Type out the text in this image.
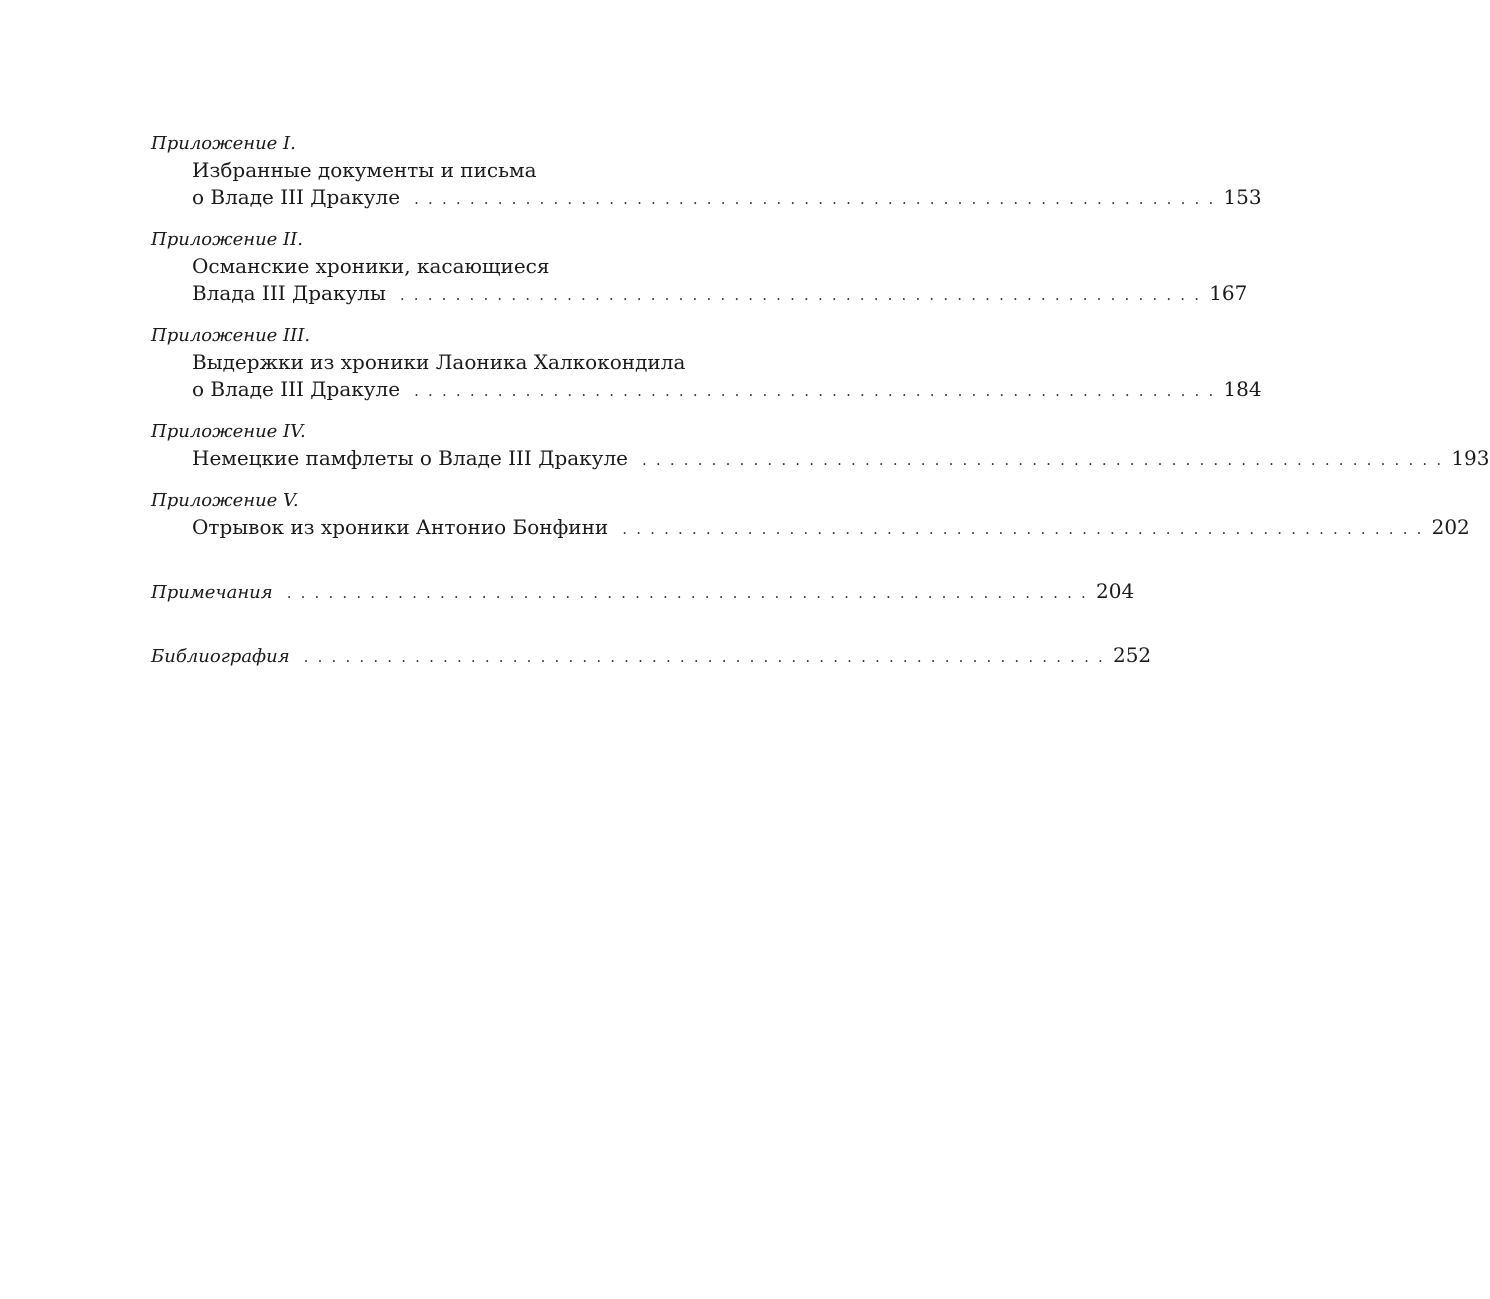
Приложение I.
Избранные документы и письма
о Владе III Дракуле . . . . . . . . . . . . . . . . . . . . . . . . . . . . . . . . . . . . . . . . . . . . . . . . . . . . . . . . . . 153
Приложение II.
Османские хроники, касающиеся
Влада III Дракулы . . . . . . . . . . . . . . . . . . . . . . . . . . . . . . . . . . . . . . . . . . . . . . . . . . . . . . . . . . 167
Приложение III.
Выдержки из хроники Лаоника Халкокондила
о Владе III Дракуле . . . . . . . . . . . . . . . . . . . . . . . . . . . . . . . . . . . . . . . . . . . . . . . . . . . . . . . . . . 184
Приложение IV.
Немецкие памфлеты о Владе III Дракуле . . . . . . . . . . . . . . . . . . . . . . . . . . . . . . . . . . . . . . . . . . . . . . . . . . . . . . . . . . 193
Приложение V.
Отрывок из хроники Антонио Бонфини . . . . . . . . . . . . . . . . . . . . . . . . . . . . . . . . . . . . . . . . . . . . . . . . . . . . . . . . . . 202
Примечания . . . . . . . . . . . . . . . . . . . . . . . . . . . . . . . . . . . . . . . . . . . . . . . . . . . . . . . . . . 204
Библиография . . . . . . . . . . . . . . . . . . . . . . . . . . . . . . . . . . . . . . . . . . . . . . . . . . . . . . . . . . 252
